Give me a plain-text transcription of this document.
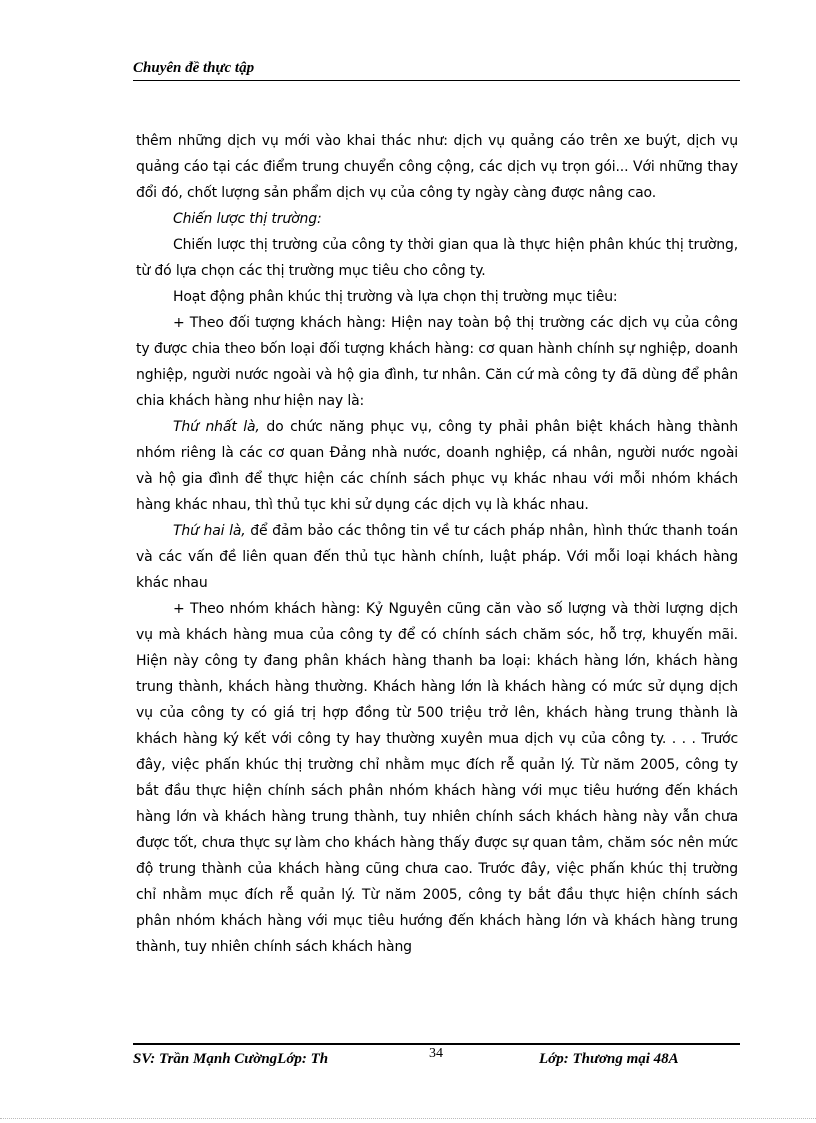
Chuyên đề thực tập

thêm những dịch vụ mới vào khai thác như: dịch vụ quảng cáo trên xe buýt, dịch vụ quảng cáo tại các điểm trung chuyển công cộng, các dịch vụ trọn gói... Với những thay đổi đó, chốt lượng sản phẩm dịch vụ của công ty ngày càng được nâng cao.

Chiến lược thị trường:

Chiến lược thị trường của công ty thời gian qua là thực hiện phân khúc thị trường, từ đó lựa chọn các thị trường mục tiêu cho công ty.

Hoạt động phân khúc thị trường và lựa chọn thị trường mục tiêu:

+ Theo đối tượng khách hàng: Hiện nay toàn bộ thị trường các dịch vụ của công ty được chia theo bốn loại đối tượng khách hàng: cơ quan hành chính sự nghiệp, doanh nghiệp, người nước ngoài và hộ gia đình, tư nhân. Căn cứ mà công ty đã dùng để phân chia khách hàng như hiện nay là:

Thứ nhất là, do chức năng phục vụ, công ty phải phân biệt khách hàng thành nhóm riêng là các cơ quan Đảng nhà nước, doanh nghiệp, cá nhân, người nước ngoài và hộ gia đình để thực hiện các chính sách phục vụ khác nhau với mỗi nhóm khách hàng khác nhau, thì thủ tục khi sử dụng các dịch vụ là khác nhau.

Thứ hai là, để đảm bảo các thông tin về tư cách pháp nhân, hình thức thanh toán và các vấn đề liên quan đến thủ tục hành chính, luật pháp. Với mỗi loại khách hàng khác nhau

+ Theo nhóm khách hàng: Kỷ Nguyên cũng căn vào số lượng và thời lượng dịch vụ mà khách hàng mua của công ty để có chính sách chăm sóc, hỗ trợ, khuyến mãi. Hiện này công ty đang phân khách hàng thanh ba loại: khách hàng lớn, khách hàng trung thành, khách hàng thường. Khách hàng lớn là khách hàng có mức sử dụng dịch vụ của công ty có giá trị hợp đồng từ 500 triệu trở lên, khách hàng trung thành là khách hàng ký kết với công ty hay thường xuyên mua dịch vụ của công ty. . . . Trước đây, việc phấn khúc thị trường chỉ nhằm mục đích rễ quản lý. Từ năm 2005, công ty bắt đầu thực hiện chính sách phân nhóm khách hàng với mục tiêu hướng đến khách hàng lớn và khách hàng trung thành, tuy nhiên chính sách khách hàng này vẫn chưa được tốt, chưa thực sự làm cho khách hàng thấy được sự quan tâm, chăm sóc nên mức độ trung thành của khách hàng cũng chưa cao. Trước đây, việc phấn khúc thị trường chỉ nhằm mục đích rễ quản lý. Từ năm 2005, công ty bắt đầu thực hiện chính sách phân nhóm khách hàng với mục tiêu hướng đến khách hàng lớn và khách hàng trung thành, tuy nhiên chính sách khách hàng

SV: Trần Mạnh CườngLớp: Th	34	Lớp: Thương mại 48A
